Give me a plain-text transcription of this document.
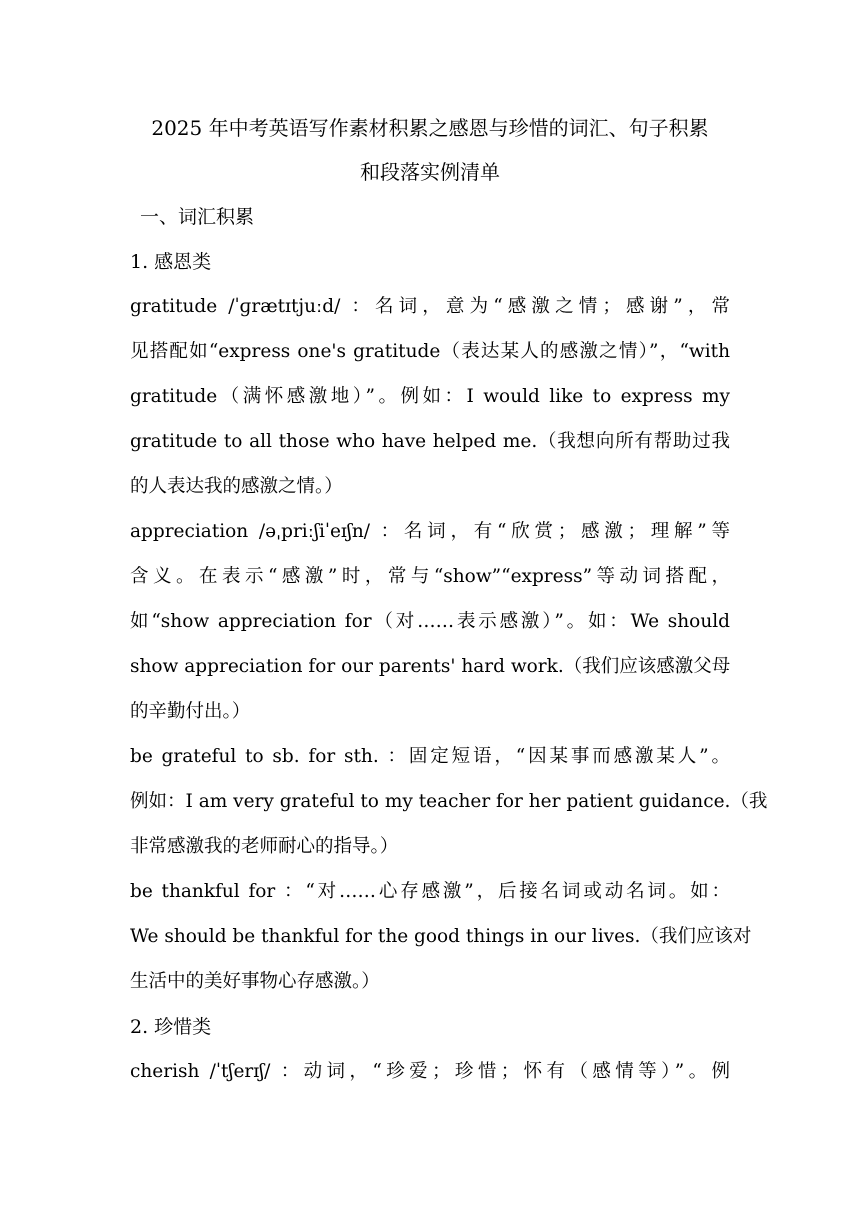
2025 年中考英语写作素材积累之感恩与珍惜的词汇、句子积累
和段落实例清单
一、词汇积累
1. 感恩类
gratitude /ˈɡrætɪtjuːd/ ：名词，意为“感激之情；感谢”，常
见搭配如“express one's gratitude（表达某人的感激之情）”，“with
gratitude（满怀感激地）”。例如：I would like to express my
gratitude to all those who have helped me.（我想向所有帮助过我
的人表达我的感激之情。）
appreciation /əˌpriːʃiˈeɪʃn/ ：名词，有“欣赏；感激；理解”等
含义。在表示“感激”时，常与“show”“express”等动词搭配，
如“show appreciation for（对……表示感激）”。如：We should
show appreciation for our parents' hard work.（我们应该感激父母
的辛勤付出。）
be grateful to sb. for sth. ：固定短语，“因某事而感激某人”。
例如：I am very grateful to my teacher for her patient guidance.（我
非常感激我的老师耐心的指导。）
be thankful for ：“对……心存感激”，后接名词或动名词。如：
We should be thankful for the good things in our lives.（我们应该对
生活中的美好事物心存感激。）
2. 珍惜类
cherish /ˈtʃerɪʃ/ ：动词，“珍爱；珍惜；怀有（感情等）”。例
